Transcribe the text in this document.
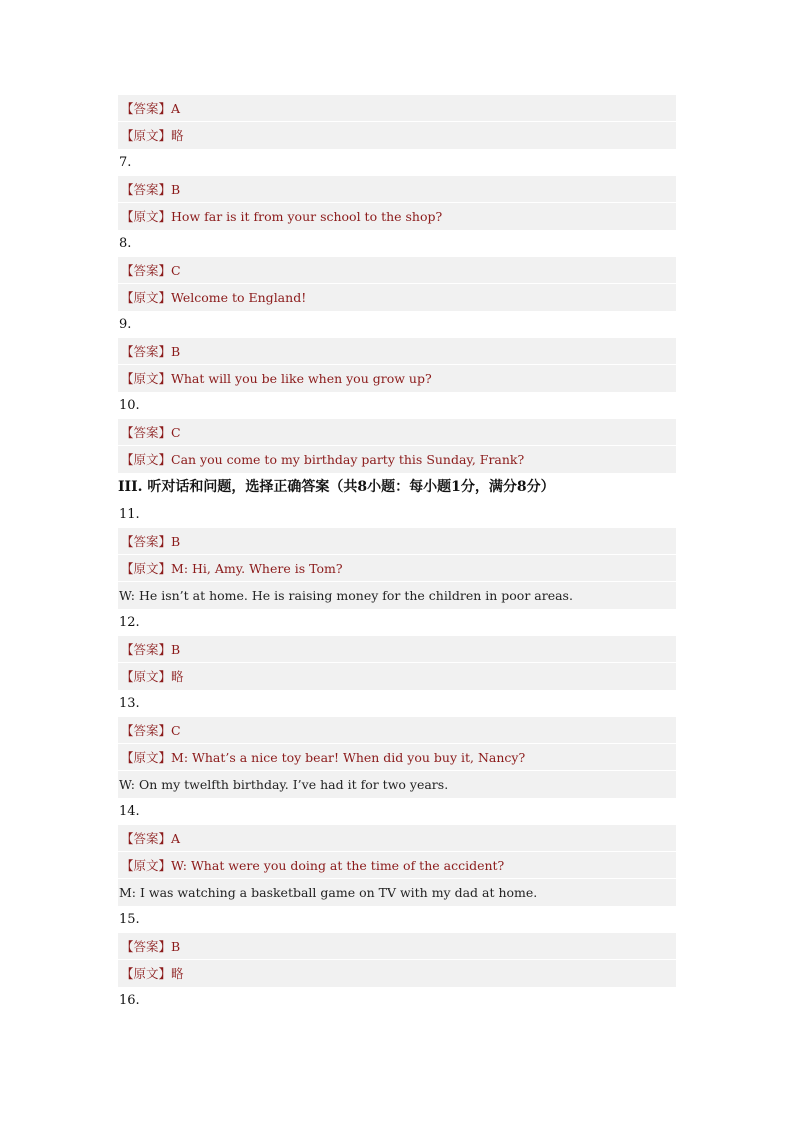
【答案】A
【原文】略
7.
【答案】B
【原文】How far is it from your school to the shop?
8.
【答案】C
【原文】Welcome to England!
9.
【答案】B
【原文】What will you be like when you grow up?
10.
【答案】C
【原文】Can you come to my birthday party this Sunday, Frank?
III. 听对话和问题，选择正确答案（共8小题：每小题1分，满分8分）
11.
【答案】B
【原文】M: Hi, Amy. Where is Tom?
W: He isn’t at home. He is raising money for the children in poor areas.
12.
【答案】B
【原文】略
13.
【答案】C
【原文】M: What’s a nice toy bear! When did you buy it, Nancy?
W: On my twelfth birthday. I’ve had it for two years.
14.
【答案】A
【原文】W: What were you doing at the time of the accident?
M: I was watching a basketball game on TV with my dad at home.
15.
【答案】B
【原文】略
16.
